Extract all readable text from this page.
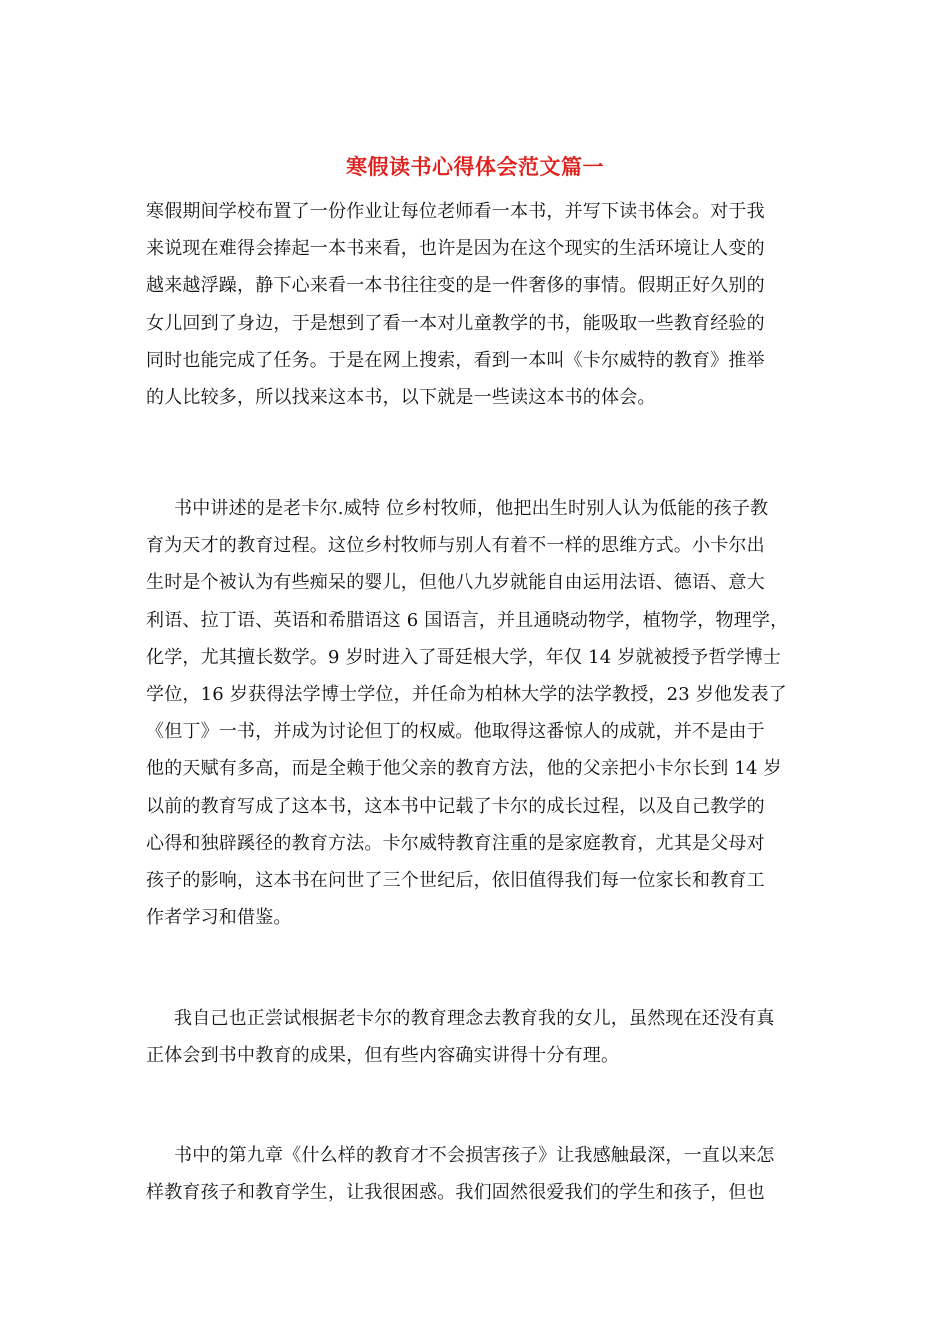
寒假读书心得体会范文篇一
寒假期间学校布置了一份作业让每位老师看一本书，并写下读书体会。对于我
来说现在难得会捧起一本书来看，也许是因为在这个现实的生活环境让人变的
越来越浮躁，静下心来看一本书往往变的是一件奢侈的事情。假期正好久别的
女儿回到了身边，于是想到了看一本对儿童教学的书，能吸取一些教育经验的
同时也能完成了任务。于是在网上搜索，看到一本叫《卡尔威特的教育》推举
的人比较多，所以找来这本书，以下就是一些读这本书的体会。
书中讲述的是老卡尔.威特 位乡村牧师，他把出生时别人认为低能的孩子教
育为天才的教育过程。这位乡村牧师与别人有着不一样的思维方式。小卡尔出
生时是个被认为有些痴呆的婴儿，但他八九岁就能自由运用法语、德语、意大
利语、拉丁语、英语和希腊语这 6 国语言，并且通晓动物学，植物学，物理学，
化学，尤其擅长数学。9 岁时进入了哥廷根大学，年仅 14 岁就被授予哲学博士
学位，16 岁获得法学博士学位，并任命为柏林大学的法学教授，23 岁他发表了
《但丁》一书，并成为讨论但丁的权威。他取得这番惊人的成就，并不是由于
他的天赋有多高，而是全赖于他父亲的教育方法，他的父亲把小卡尔长到 14 岁
以前的教育写成了这本书，这本书中记载了卡尔的成长过程，以及自己教学的
心得和独辟蹊径的教育方法。卡尔威特教育注重的是家庭教育，尤其是父母对
孩子的影响，这本书在问世了三个世纪后，依旧值得我们每一位家长和教育工
作者学习和借鉴。
我自己也正尝试根据老卡尔的教育理念去教育我的女儿，虽然现在还没有真
正体会到书中教育的成果，但有些内容确实讲得十分有理。
书中的第九章《什么样的教育才不会损害孩子》让我感触最深，一直以来怎
样教育孩子和教育学生，让我很困惑。我们固然很爱我们的学生和孩子，但也
